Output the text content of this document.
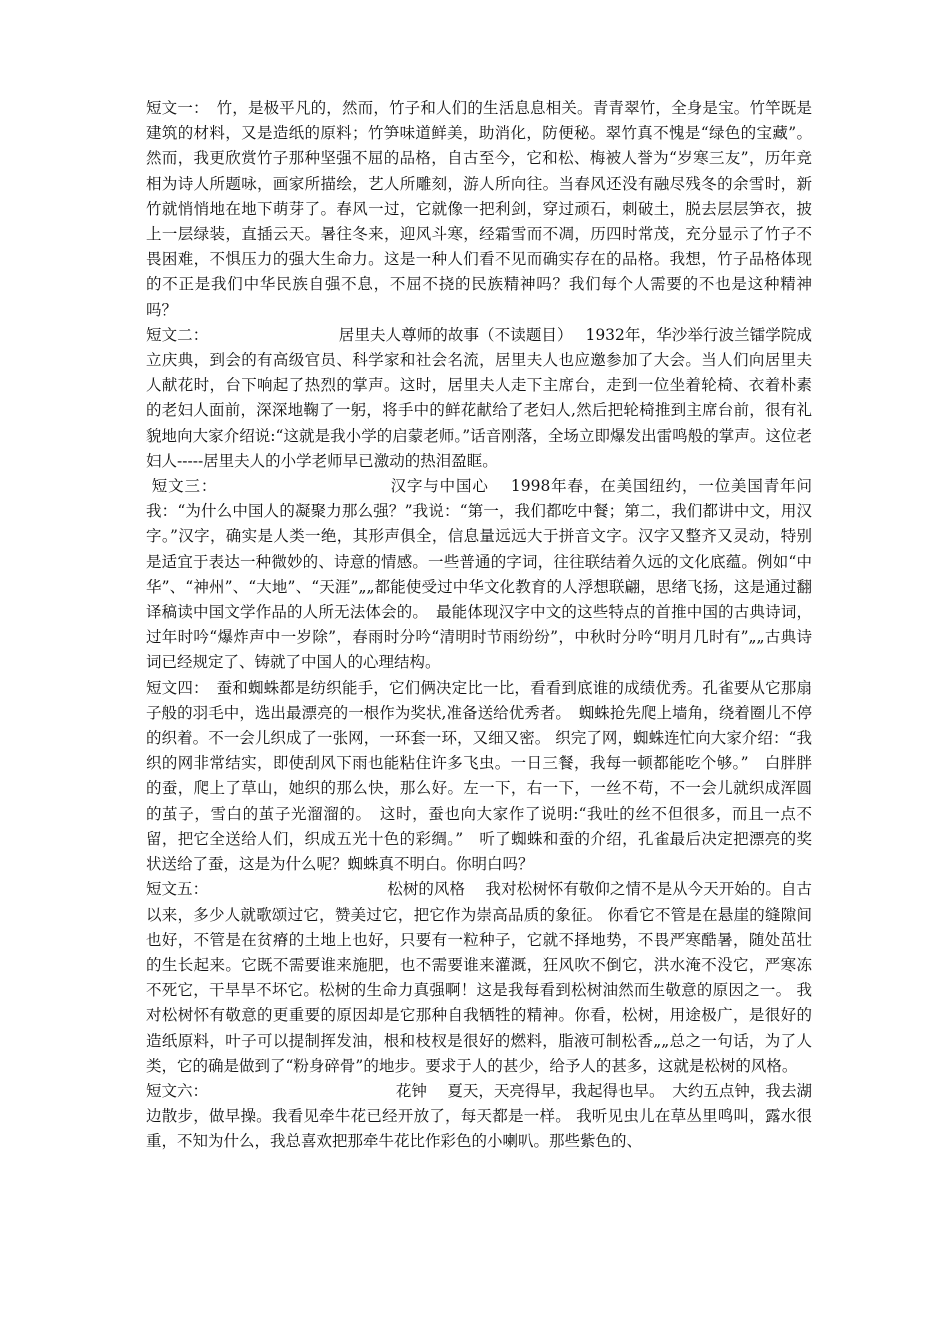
短文一：　 竹，是极平凡的，然而，竹子和人们的生活息息相关。青青翠竹，全身是宝。竹竿既是建筑的材料，又是造纸的原料；竹笋味道鲜美，助消化，防便秘。翠竹真不愧是“绿色的宝藏”。然而，我更欣赏竹子那种坚强不屈的品格，自古至今，它和松、梅被人誉为“岁寒三友”，历年竞相为诗人所题咏，画家所描绘，艺人所雕刻，游人所向往。当春风还没有融尽残冬的余雪时，新竹就悄悄地在地下萌芽了。春风一过，它就像一把利剑，穿过顽石，刺破土，脱去层层笋衣，披上一层绿装，直插云天。暑往冬来，迎风斗寒，经霜雪而不凋，历四时常茂，充分显示了竹子不畏困难，不惧压力的强大生命力。这是一种人们看不见而确实存在的品格。我想，竹子品格体现的不正是我们中华民族自强不息，不屈不挠的民族精神吗？我们每个人需要的不也是这种精神吗？

短文二：	居里夫人尊师的故事（不读题目）　 1932年，华沙举行波兰镭学院成立庆典，到会的有高级官员、科学家和社会名流，居里夫人也应邀参加了大会。当人们向居里夫人献花时，台下响起了热烈的掌声。这时，居里夫人走下主席台，走到一位坐着轮椅、衣着朴素的老妇人面前，深深地鞠了一躬，将手中的鲜花献给了老妇人,然后把轮椅推到主席台前，很有礼貌地向大家介绍说:“这就是我小学的启蒙老师。”话音刚落，全场立即爆发出雷鸣般的掌声。这位老妇人-----居里夫人的小学老师早已激动的热泪盈眶。

短文三：	汉字与中国心　 1998年春，在美国纽约，一位美国青年问我：“为什么中国人的凝聚力那么强？”我说：“第一，我们都吃中餐；第二，我们都讲中文，用汉字。”汉字，确实是人类一绝，其形声俱全，信息量远远大于拼音文字。汉字又整齐又灵动，特别是适宜于表达一种微妙的、诗意的情感。一些普通的字词，往往联结着久远的文化底蕴。例如“中华”、“神州”、“大地”、“天涯”„„都能使受过中华文化教育的人浮想联翩，思绪飞扬，这是通过翻译稿读中国文学作品的人所无法体会的。　最能体现汉字中文的这些特点的首推中国的古典诗词，过年时吟“爆炸声中一岁除”，春雨时分吟“清明时节雨纷纷”，中秋时分吟“明月几时有”„„古典诗词已经规定了、铸就了中国人的心理结构。

短文四：　 蚕和蜘蛛都是纺织能手，它们俩决定比一比，看看到底谁的成绩优秀。孔雀要从它那扇子般的羽毛中，选出最漂亮的一根作为奖状,准备送给优秀者。　蜘蛛抢先爬上墙角，绕着圈儿不停的织着。不一会儿织成了一张网，一环套一环，又细又密。 织完了网，蜘蛛连忙向大家介绍：“我织的网非常结实，即使刮风下雨也能粘住许多飞虫。一日三餐，我每一顿都能吃个够。”　白胖胖的蚕，爬上了草山，她织的那么快，那么好。左一下，右一下，一丝不苟，不一会儿就织成浑圆的茧子，雪白的茧子光溜溜的。　这时，蚕也向大家作了说明:“我吐的丝不但很多，而且一点不留，把它全送给人们，织成五光十色的彩绸。”　听了蜘蛛和蚕的介绍，孔雀最后决定把漂亮的奖状送给了蚕，这是为什么呢？蜘蛛真不明白。你明白吗？

短文五：	松树的风格　 我对松树怀有敬仰之情不是从今天开始的。自古以来，多少人就歌颂过它，赞美过它，把它作为崇高品质的象征。 你看它不管是在悬崖的缝隙间也好，不管是在贫瘠的土地上也好，只要有一粒种子，它就不择地势，不畏严寒酷暑，随处茁壮的生长起来。它既不需要谁来施肥，也不需要谁来灌溉，狂风吹不倒它，洪水淹不没它，严寒冻不死它，干旱旱不坏它。松树的生命力真强啊！这是我每看到松树油然而生敬意的原因之一。 我对松树怀有敬意的更重要的原因却是它那种自我牺牲的精神。你看，松树，用途极广，是很好的造纸原料，叶子可以提制挥发油，根和枝杈是很好的燃料，脂液可制松香„„总之一句话，为了人类，它的确是做到了“粉身碎骨”的地步。要求于人的甚少，给予人的甚多，这就是松树的风格。

短文六：	花钟　 夏天，天亮得早，我起得也早。　大约五点钟，我去湖边散步，做早操。我看见牵牛花已经开放了，每天都是一样。 我听见虫儿在草丛里鸣叫，露水很重，不知为什么，我总喜欢把那牵牛花比作彩色的小喇叭。那些紫色的、
